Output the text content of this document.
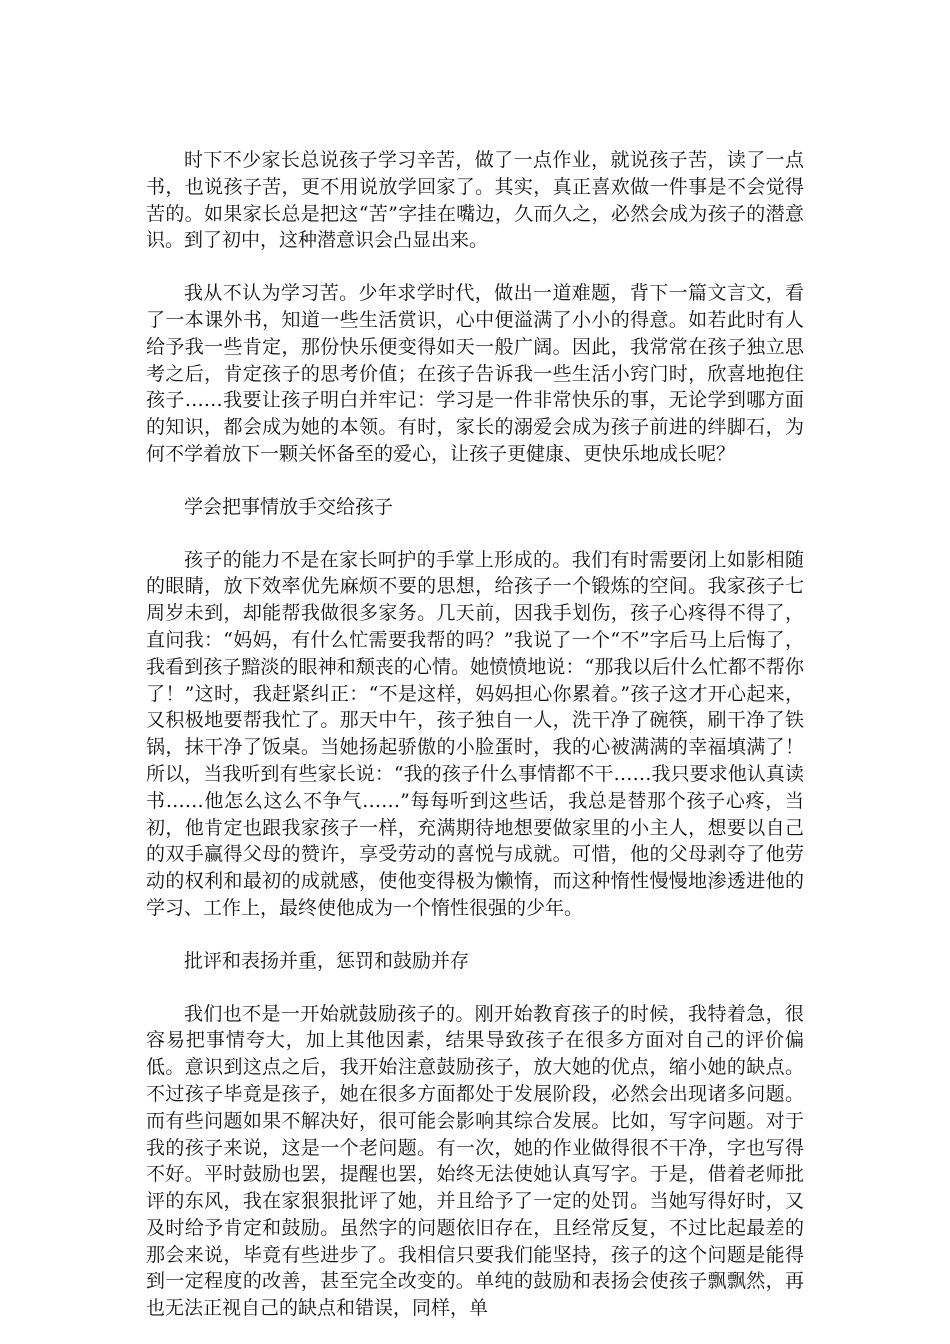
时下不少家长总说孩子学习辛苦，做了一点作业，就说孩子苦，读了一点书，也说孩子苦，更不用说放学回家了。其实，真正喜欢做一件事是不会觉得苦的。如果家长总是把这“苦”字挂在嘴边，久而久之，必然会成为孩子的潜意识。到了初中，这种潜意识会凸显出来。

我从不认为学习苦。少年求学时代，做出一道难题，背下一篇文言文，看了一本课外书，知道一些生活赏识，心中便溢满了小小的得意。如若此时有人给予我一些肯定，那份快乐便变得如天一般广阔。因此，我常常在孩子独立思考之后，肯定孩子的思考价值；在孩子告诉我一些生活小窍门时，欣喜地抱住孩子……我要让孩子明白并牢记：学习是一件非常快乐的事，无论学到哪方面的知识，都会成为她的本领。有时，家长的溺爱会成为孩子前进的绊脚石，为何不学着放下一颗关怀备至的爱心，让孩子更健康、更快乐地成长呢？

学会把事情放手交给孩子

孩子的能力不是在家长呵护的手掌上形成的。我们有时需要闭上如影相随的眼睛，放下效率优先麻烦不要的思想，给孩子一个锻炼的空间。我家孩子七周岁未到，却能帮我做很多家务。几天前，因我手划伤，孩子心疼得不得了，直问我：“妈妈，有什么忙需要我帮的吗？”我说了一个“不”字后马上后悔了，我看到孩子黯淡的眼神和颓丧的心情。她愤愤地说：“那我以后什么忙都不帮你了！”这时，我赶紧纠正：“不是这样，妈妈担心你累着。”孩子这才开心起来，又积极地要帮我忙了。那天中午，孩子独自一人，洗干净了碗筷，刷干净了铁锅，抹干净了饭桌。当她扬起骄傲的小脸蛋时，我的心被满满的幸福填满了！所以，当我听到有些家长说：“我的孩子什么事情都不干……我只要求他认真读书……他怎么这么不争气……”每每听到这些话，我总是替那个孩子心疼，当初，他肯定也跟我家孩子一样，充满期待地想要做家里的小主人，想要以自己的双手赢得父母的赞许，享受劳动的喜悦与成就。可惜，他的父母剥夺了他劳动的权利和最初的成就感，使他变得极为懒惰，而这种惰性慢慢地渗透进他的学习、工作上，最终使他成为一个惰性很强的少年。

批评和表扬并重，惩罚和鼓励并存

我们也不是一开始就鼓励孩子的。刚开始教育孩子的时候，我特着急，很容易把事情夸大，加上其他因素，结果导致孩子在很多方面对自己的评价偏低。意识到这点之后，我开始注意鼓励孩子，放大她的优点，缩小她的缺点。不过孩子毕竟是孩子，她在很多方面都处于发展阶段，必然会出现诸多问题。而有些问题如果不解决好，很可能会影响其综合发展。比如，写字问题。对于我的孩子来说，这是一个老问题。有一次，她的作业做得很不干净，字也写得不好。平时鼓励也罢，提醒也罢，始终无法使她认真写字。于是，借着老师批评的东风，我在家狠狠批评了她，并且给予了一定的处罚。当她写得好时，又及时给予肯定和鼓励。虽然字的问题依旧存在，且经常反复，不过比起最差的那会来说，毕竟有些进步了。我相信只要我们能坚持，孩子的这个问题是能得到一定程度的改善，甚至完全改变的。单纯的鼓励和表扬会使孩子飘飘然，再也无法正视自己的缺点和错误，同样，单
